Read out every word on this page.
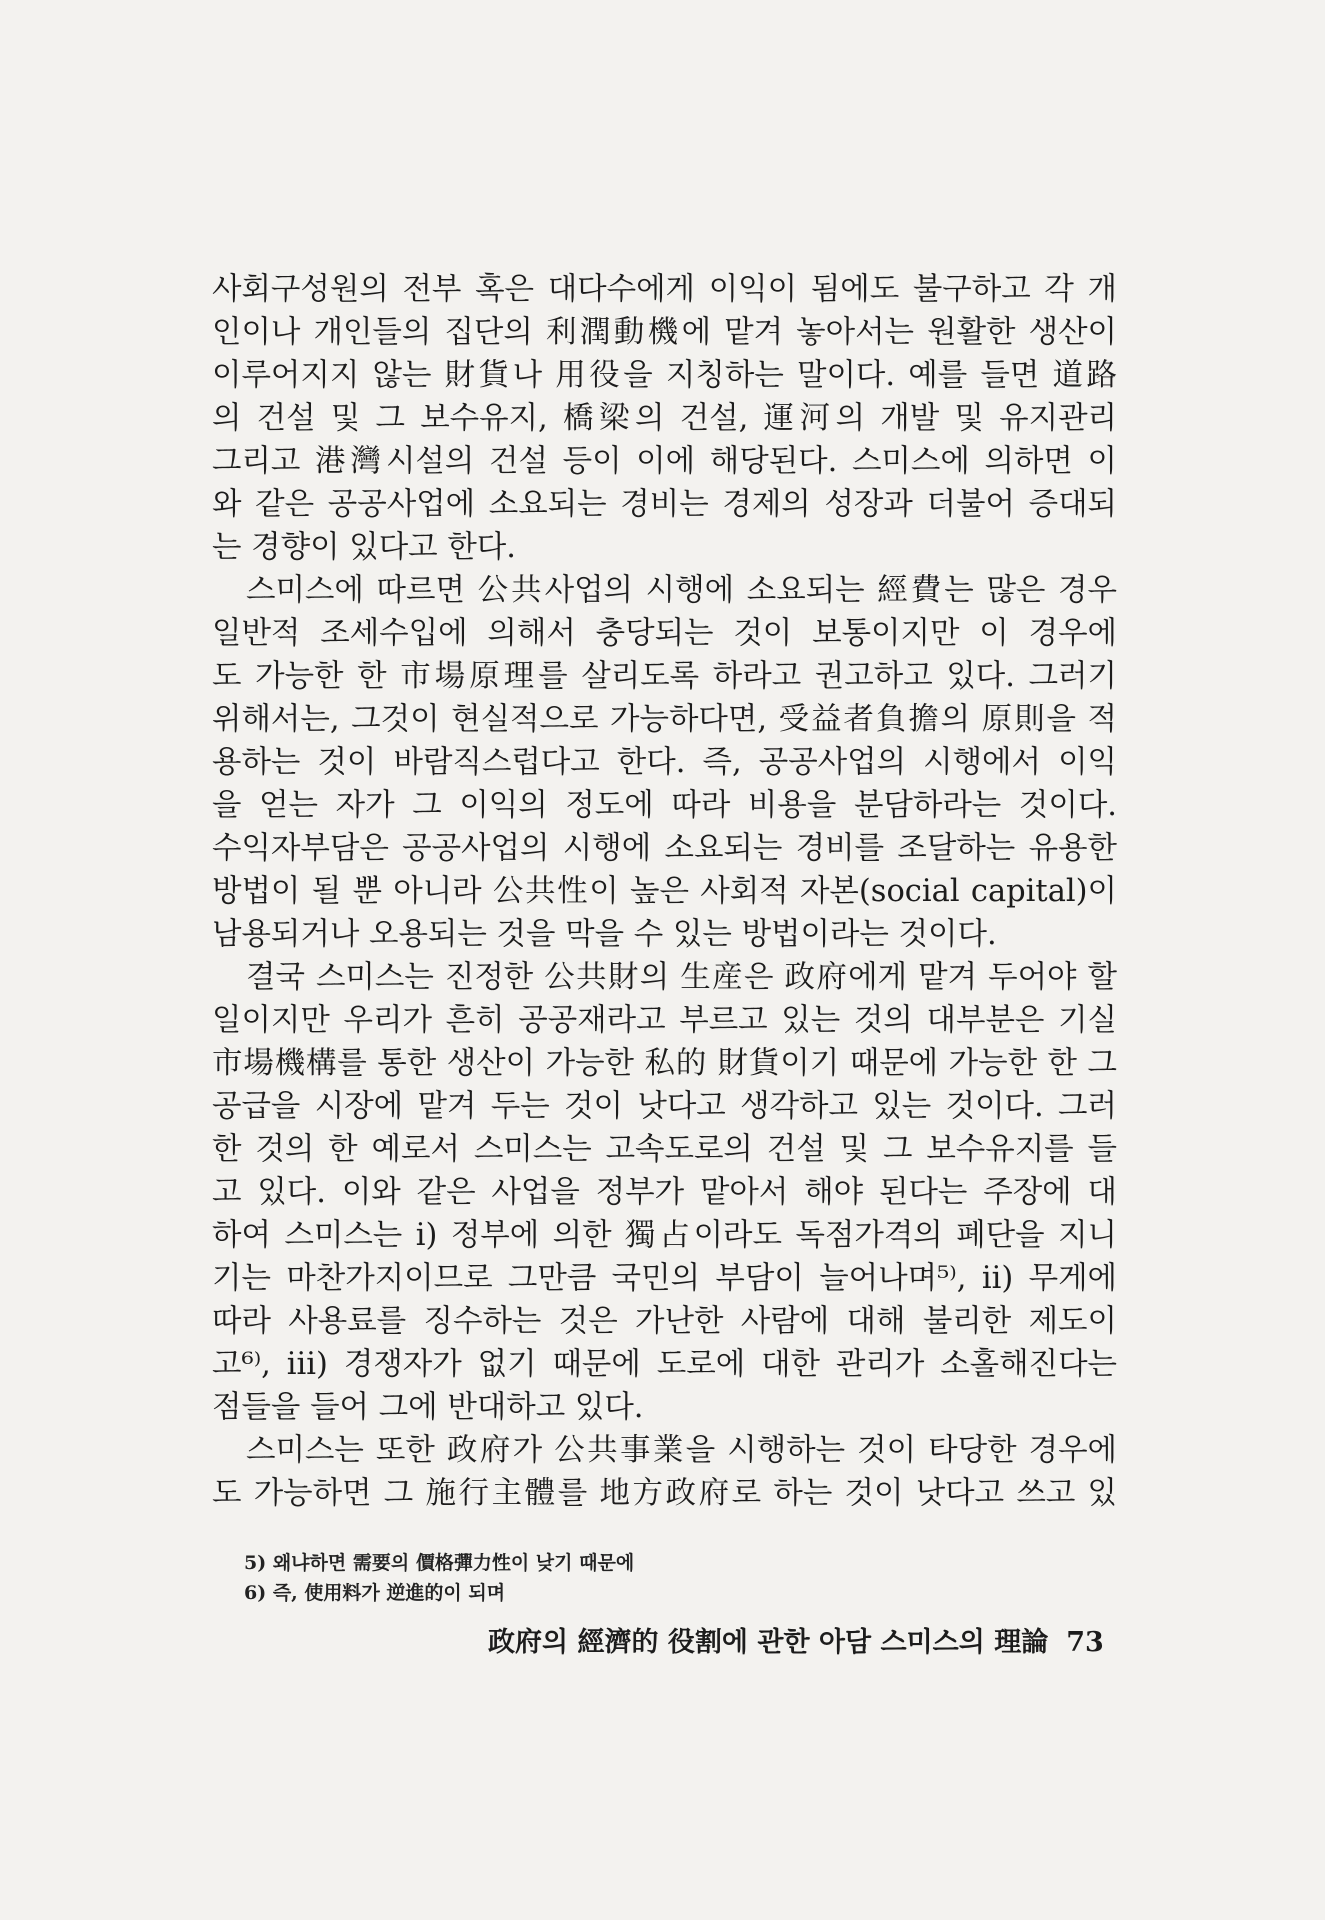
사회구성원의 전부 혹은 대다수에게 이익이 됨에도 불구하고 각 개
인이나 개인들의 집단의 利潤動機에 맡겨 놓아서는 원활한 생산이
이루어지지 않는 財貨나 用役을 지칭하는 말이다. 예를 들면 道路
의 건설 및 그 보수유지, 橋梁의 건설, 運河의 개발 및 유지관리
그리고 港灣시설의 건설 등이 이에 해당된다. 스미스에 의하면 이
와 같은 공공사업에 소요되는 경비는 경제의 성장과 더불어 증대되
는 경향이 있다고 한다.
스미스에 따르면 公共사업의 시행에 소요되는 經費는 많은 경우
일반적 조세수입에 의해서 충당되는 것이 보통이지만 이 경우에
도 가능한 한 市場原理를 살리도록 하라고 권고하고 있다. 그러기
위해서는, 그것이 현실적으로 가능하다면, 受益者負擔의 原則을 적
용하는 것이 바람직스럽다고 한다. 즉, 공공사업의 시행에서 이익
을 얻는 자가 그 이익의 정도에 따라 비용을 분담하라는 것이다.
수익자부담은 공공사업의 시행에 소요되는 경비를 조달하는 유용한
방법이 될 뿐 아니라 公共性이 높은 사회적 자본(social capital)이
남용되거나 오용되는 것을 막을 수 있는 방법이라는 것이다.
결국 스미스는 진정한 公共財의 生産은 政府에게 맡겨 두어야 할
일이지만 우리가 흔히 공공재라고 부르고 있는 것의 대부분은 기실
市場機構를 통한 생산이 가능한 私的 財貨이기 때문에 가능한 한 그
공급을 시장에 맡겨 두는 것이 낫다고 생각하고 있는 것이다. 그러
한 것의 한 예로서 스미스는 고속도로의 건설 및 그 보수유지를 들
고 있다. 이와 같은 사업을 정부가 맡아서 해야 된다는 주장에 대
하여 스미스는 i) 정부에 의한 獨占이라도 독점가격의 폐단을 지니
기는 마찬가지이므로 그만큼 국민의 부담이 늘어나며⁵⁾, ii) 무게에
따라 사용료를 징수하는 것은 가난한 사람에 대해 불리한 제도이
고⁶⁾, iii) 경쟁자가 없기 때문에 도로에 대한 관리가 소홀해진다는
점들을 들어 그에 반대하고 있다.
스미스는 또한 政府가 公共事業을 시행하는 것이 타당한 경우에
도 가능하면 그 施行主體를 地方政府로 하는 것이 낫다고 쓰고 있
5) 왜냐하면 需要의 價格彈力性이 낮기 때문에
6) 즉, 使用料가 逆進的이 되며
政府의 經濟的 役割에 관한 아담 스미스의 理論 73
